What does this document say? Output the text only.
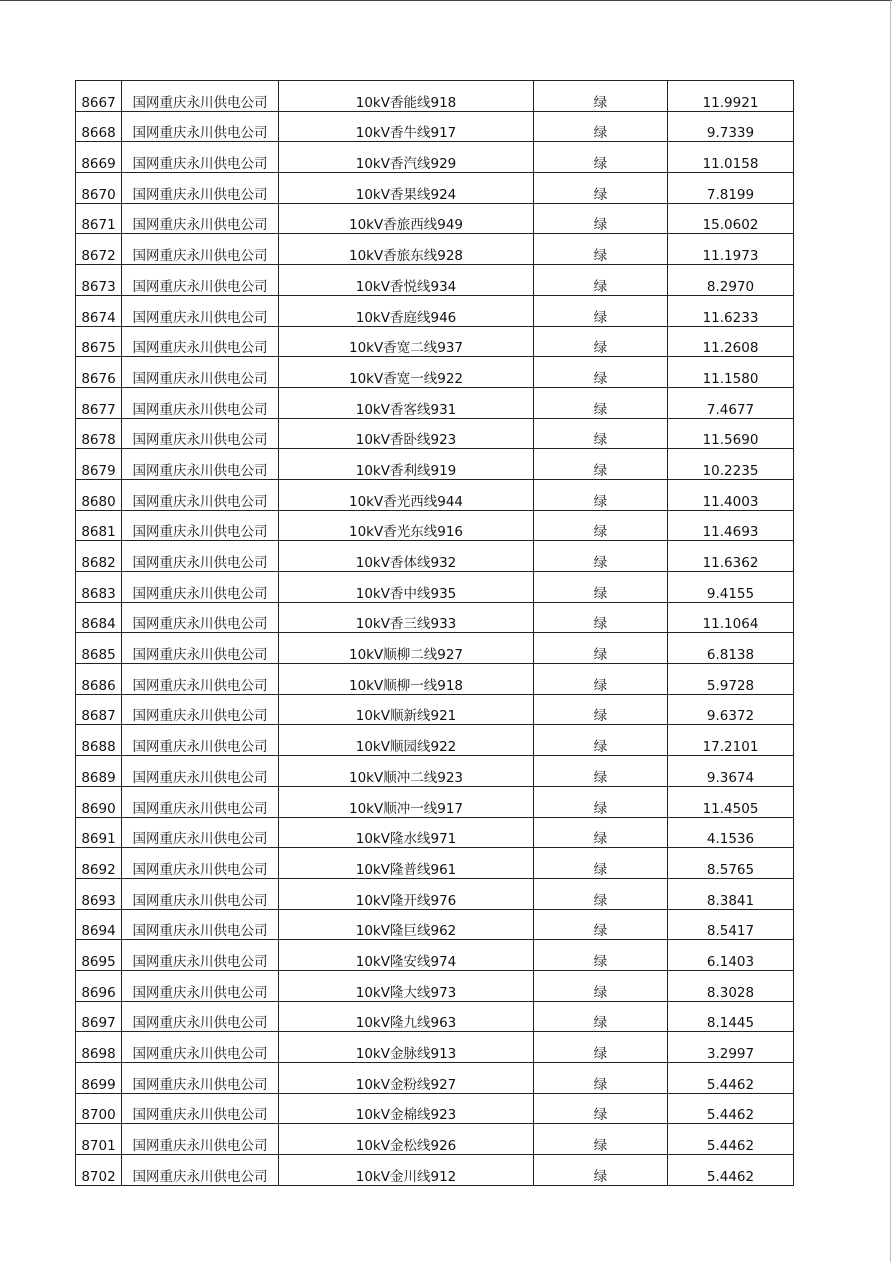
8667	国网重庆永川供电公司	10kV香能线918	绿	11.9921
8668	国网重庆永川供电公司	10kV香牛线917	绿	9.7339
8669	国网重庆永川供电公司	10kV香汽线929	绿	11.0158
8670	国网重庆永川供电公司	10kV香果线924	绿	7.8199
8671	国网重庆永川供电公司	10kV香旅西线949	绿	15.0602
8672	国网重庆永川供电公司	10kV香旅东线928	绿	11.1973
8673	国网重庆永川供电公司	10kV香悦线934	绿	8.2970
8674	国网重庆永川供电公司	10kV香庭线946	绿	11.6233
8675	国网重庆永川供电公司	10kV香宽二线937	绿	11.2608
8676	国网重庆永川供电公司	10kV香宽一线922	绿	11.1580
8677	国网重庆永川供电公司	10kV香客线931	绿	7.4677
8678	国网重庆永川供电公司	10kV香卧线923	绿	11.5690
8679	国网重庆永川供电公司	10kV香利线919	绿	10.2235
8680	国网重庆永川供电公司	10kV香光西线944	绿	11.4003
8681	国网重庆永川供电公司	10kV香光东线916	绿	11.4693
8682	国网重庆永川供电公司	10kV香体线932	绿	11.6362
8683	国网重庆永川供电公司	10kV香中线935	绿	9.4155
8684	国网重庆永川供电公司	10kV香三线933	绿	11.1064
8685	国网重庆永川供电公司	10kV顺柳二线927	绿	6.8138
8686	国网重庆永川供电公司	10kV顺柳一线918	绿	5.9728
8687	国网重庆永川供电公司	10kV顺新线921	绿	9.6372
8688	国网重庆永川供电公司	10kV顺园线922	绿	17.2101
8689	国网重庆永川供电公司	10kV顺冲二线923	绿	9.3674
8690	国网重庆永川供电公司	10kV顺冲一线917	绿	11.4505
8691	国网重庆永川供电公司	10kV隆水线971	绿	4.1536
8692	国网重庆永川供电公司	10kV隆普线961	绿	8.5765
8693	国网重庆永川供电公司	10kV隆开线976	绿	8.3841
8694	国网重庆永川供电公司	10kV隆巨线962	绿	8.5417
8695	国网重庆永川供电公司	10kV隆安线974	绿	6.1403
8696	国网重庆永川供电公司	10kV隆大线973	绿	8.3028
8697	国网重庆永川供电公司	10kV隆九线963	绿	8.1445
8698	国网重庆永川供电公司	10kV金脉线913	绿	3.2997
8699	国网重庆永川供电公司	10kV金粉线927	绿	5.4462
8700	国网重庆永川供电公司	10kV金棉线923	绿	5.4462
8701	国网重庆永川供电公司	10kV金松线926	绿	5.4462
8702	国网重庆永川供电公司	10kV金川线912	绿	5.4462
